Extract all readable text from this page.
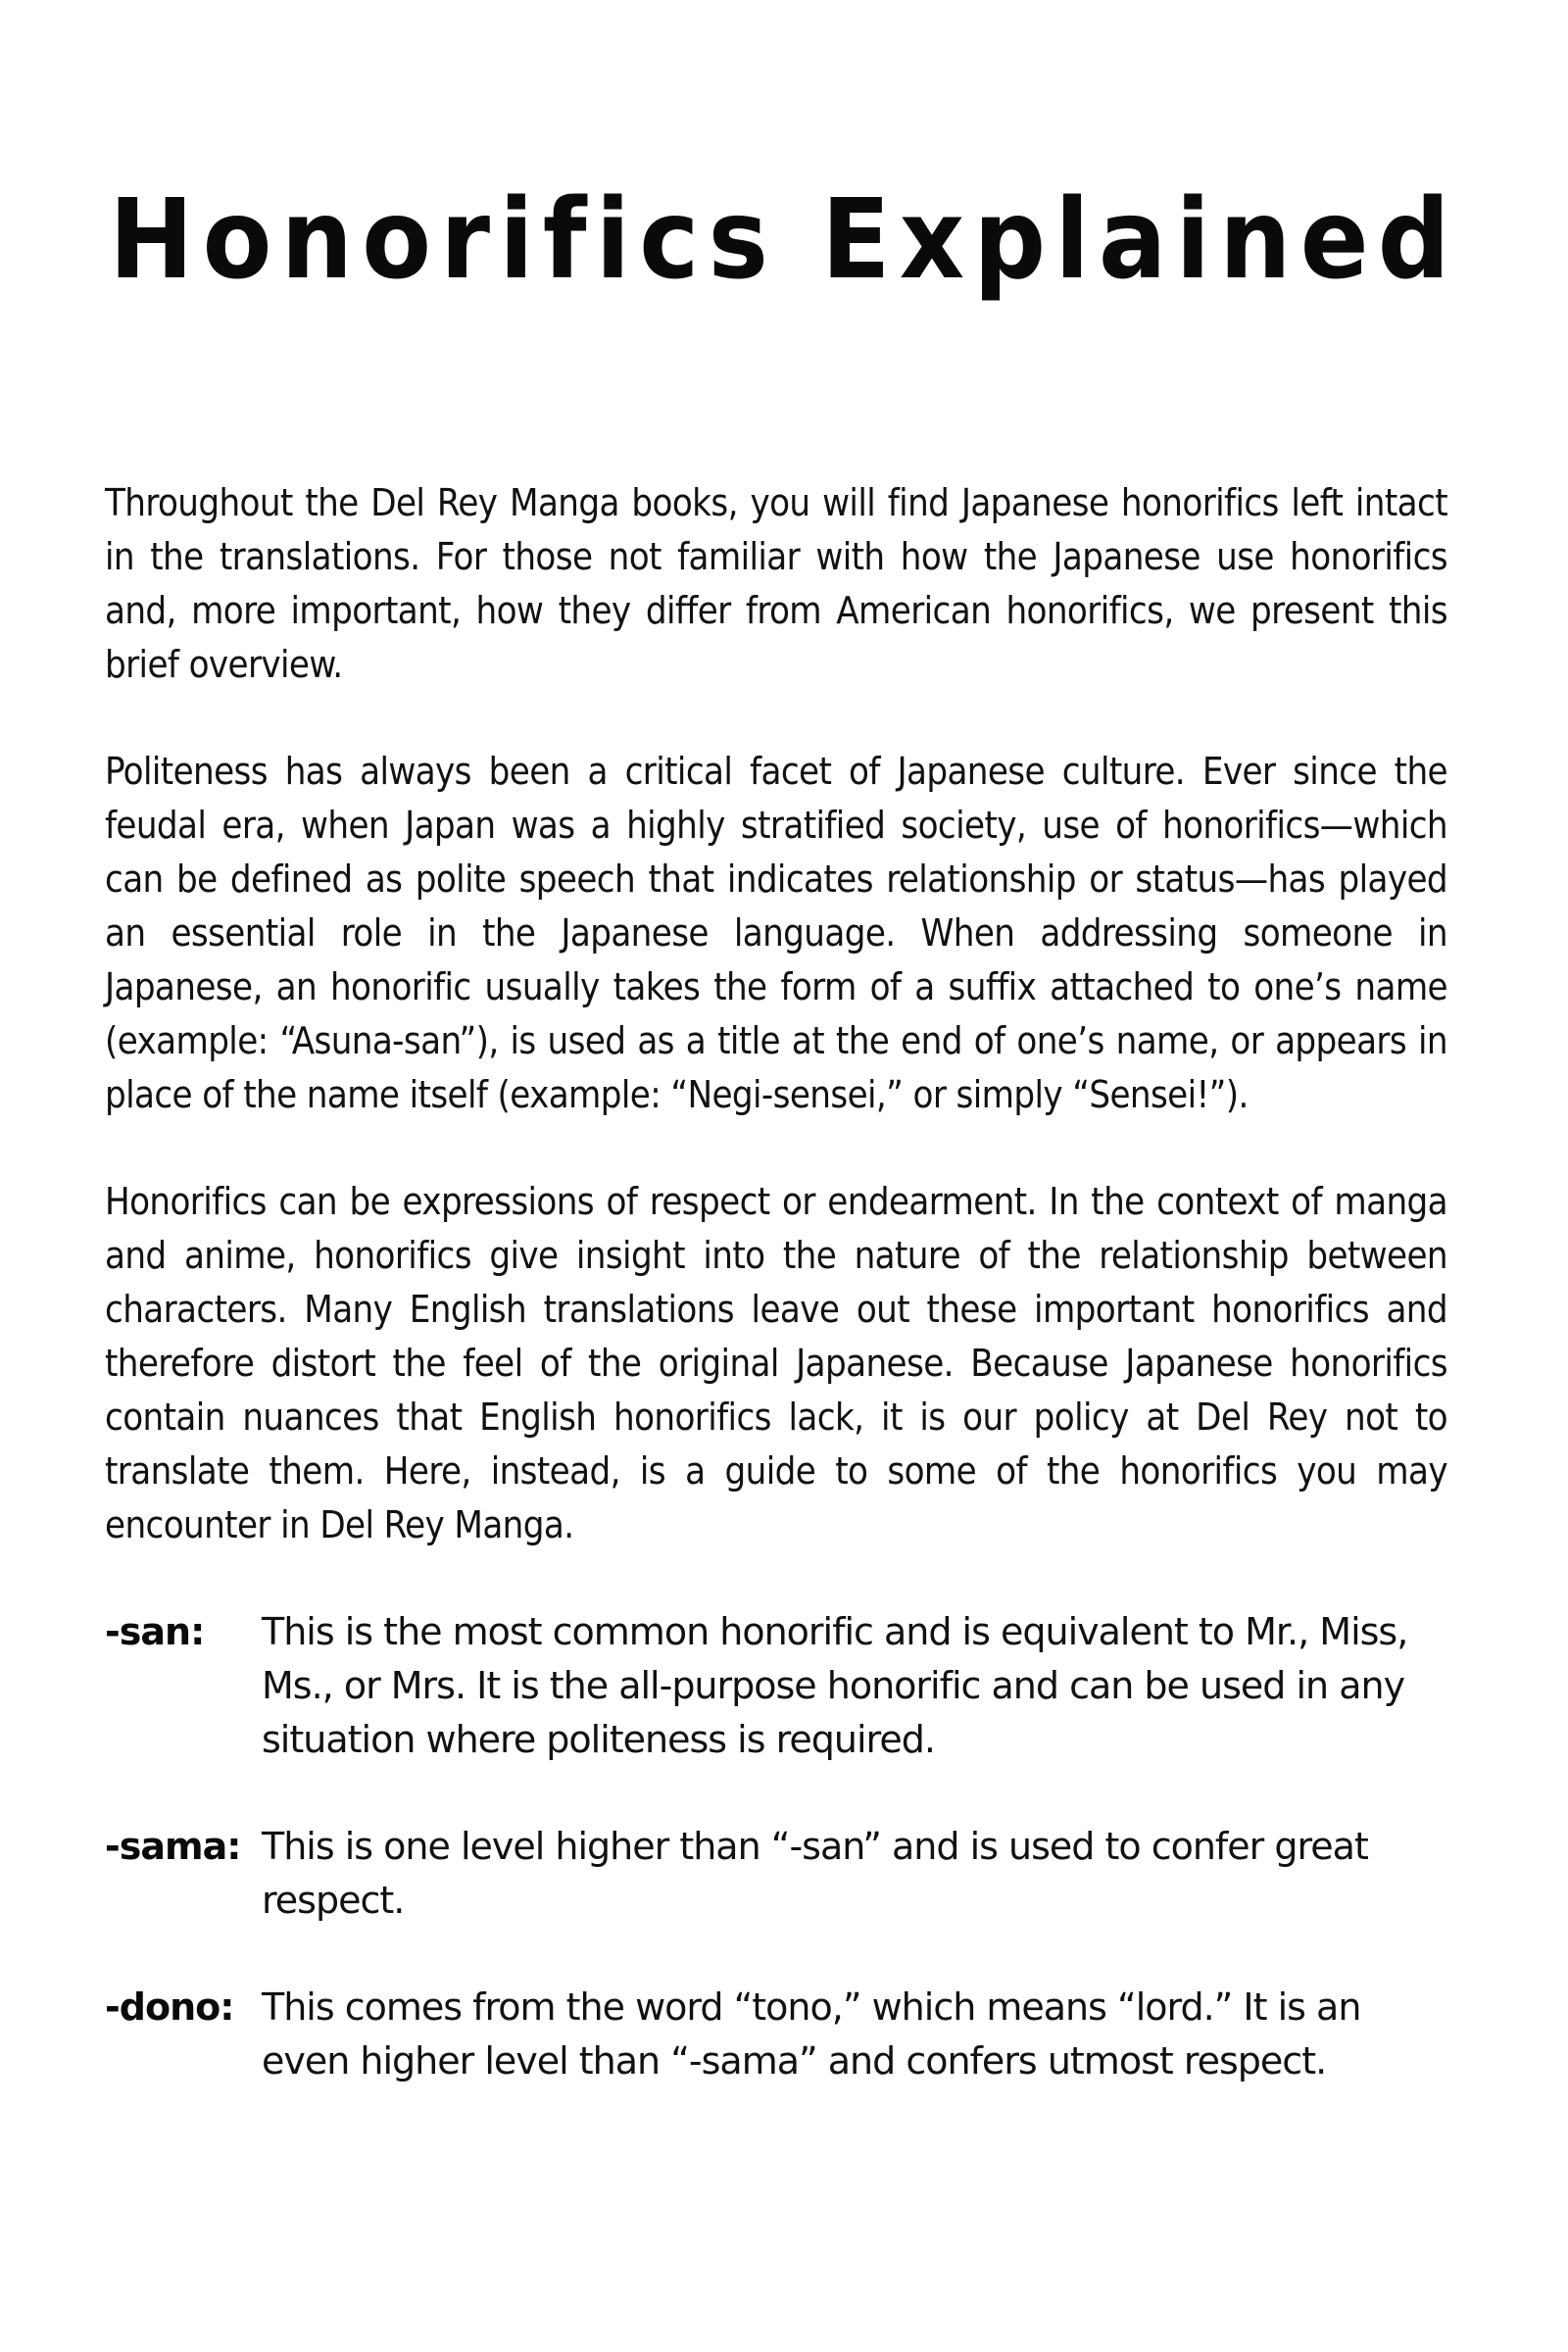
Honorifics Explained

Throughout the Del Rey Manga books, you will find Japanese honorifics left intact in the translations. For those not familiar with how the Japanese use honorifics and, more important, how they differ from American honorifics, we present this brief overview.

Politeness has always been a critical facet of Japanese culture. Ever since the feudal era, when Japan was a highly stratified society, use of honorifics—which can be defined as polite speech that indicates relationship or status—has played an essential role in the Japanese language. When addressing someone in Japanese, an honorific usually takes the form of a suffix attached to one’s name (example: “Asuna-san”), is used as a title at the end of one’s name, or appears in place of the name itself (example: “Negi-sensei,” or simply “Sensei!”).

Honorifics can be expressions of respect or endearment. In the context of manga and anime, honorifics give insight into the nature of the relationship between characters. Many English translations leave out these important honorifics and therefore distort the feel of the original Japanese. Because Japanese honorifics contain nuances that English honorifics lack, it is our policy at Del Rey not to translate them. Here, instead, is a guide to some of the honorifics you may encounter in Del Rey Manga.

-san:	This is the most common honorific and is equivalent to Mr., Miss, Ms., or Mrs. It is the all-purpose honorific and can be used in any situation where politeness is required.
-sama: This is one level higher than “-san” and is used to confer great respect.
-dono: This comes from the word “tono,” which means “lord.” It is an even higher level than “-sama” and confers utmost respect.
